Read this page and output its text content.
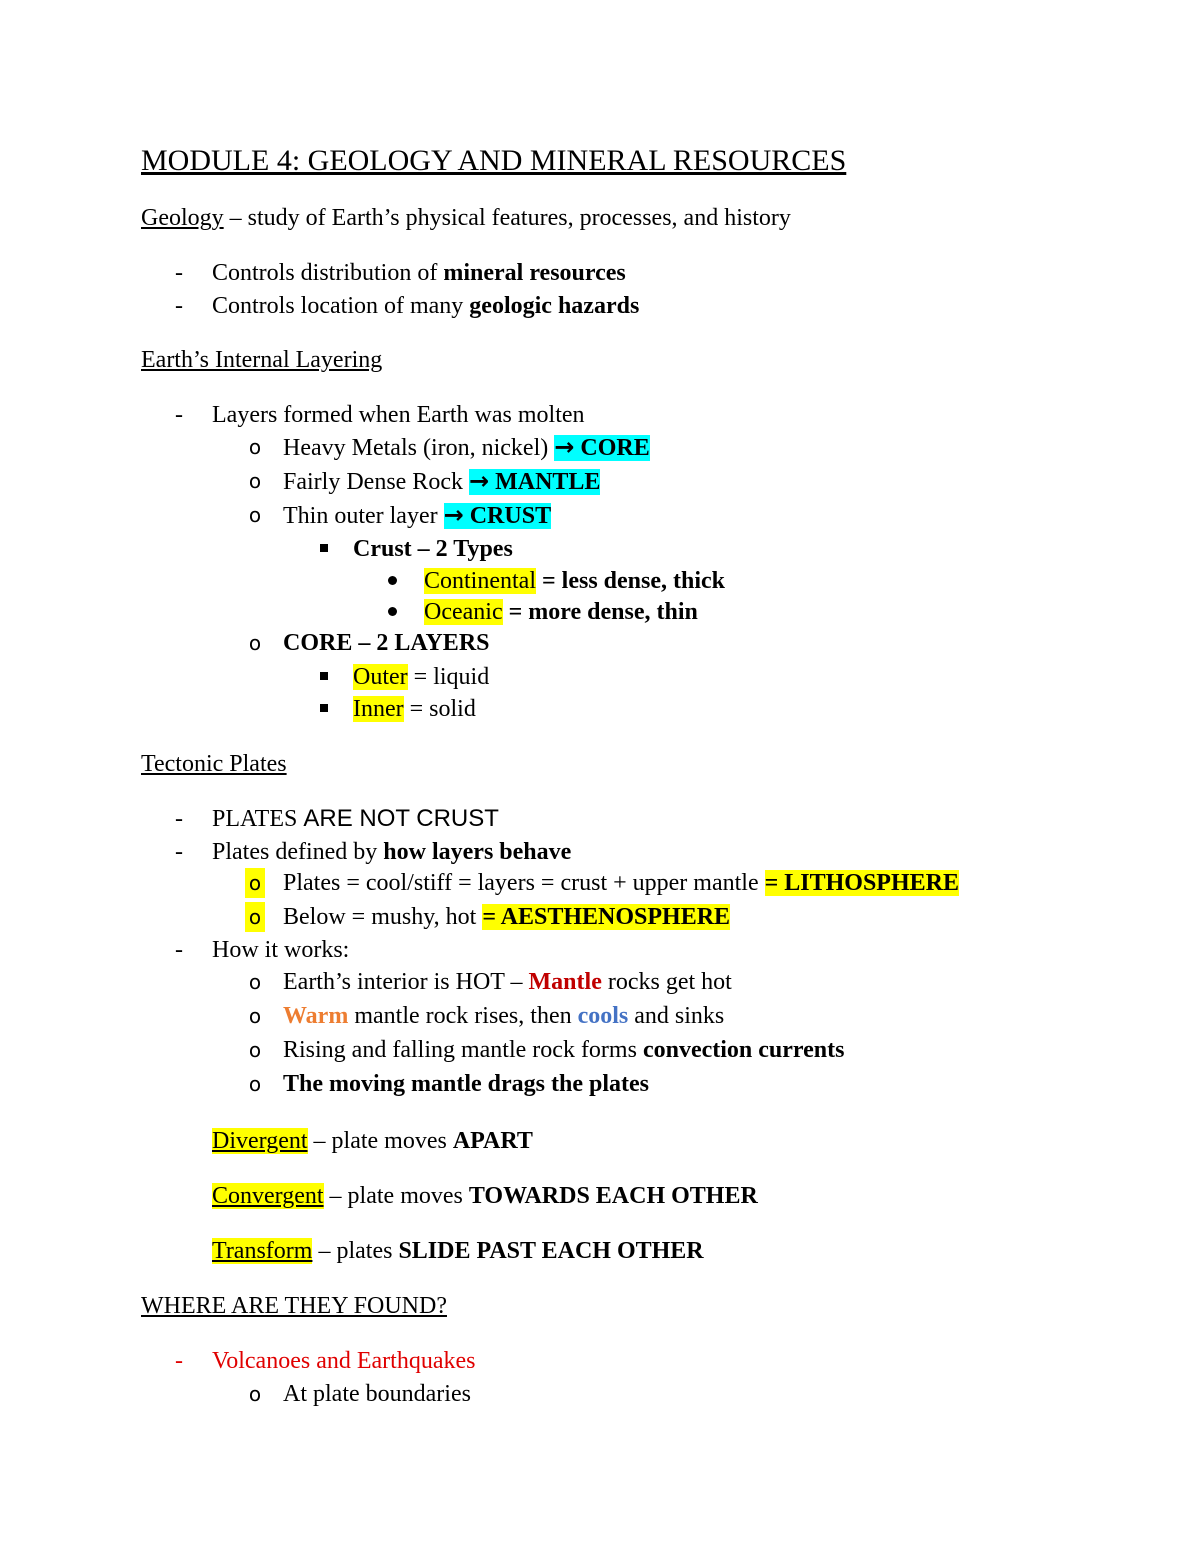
MODULE 4: GEOLOGY AND MINERAL RESOURCES
Geology – study of Earth’s physical features, processes, and history
- Controls distribution of mineral resources
- Controls location of many geologic hazards
Earth’s Internal Layering
- Layers formed when Earth was molten
o Heavy Metals (iron, nickel) → CORE
o Fairly Dense Rock → MANTLE
o Thin outer layer → CRUST
Crust – 2 Types
Continental = less dense, thick
Oceanic = more dense, thin
o CORE – 2 LAYERS
Outer = liquid
Inner = solid
Tectonic Plates
- PLATES ARE NOT CRUST
- Plates defined by how layers behave
o Plates = cool/stiff = layers = crust + upper mantle = LITHOSPHERE
o Below = mushy, hot = AESTHENOSPHERE
- How it works:
o Earth’s interior is HOT – Mantle rocks get hot
o Warm mantle rock rises, then cools and sinks
o Rising and falling mantle rock forms convection currents
o The moving mantle drags the plates
Divergent – plate moves APART
Convergent – plate moves TOWARDS EACH OTHER
Transform – plates SLIDE PAST EACH OTHER
WHERE ARE THEY FOUND?
- Volcanoes and Earthquakes
o At plate boundaries
